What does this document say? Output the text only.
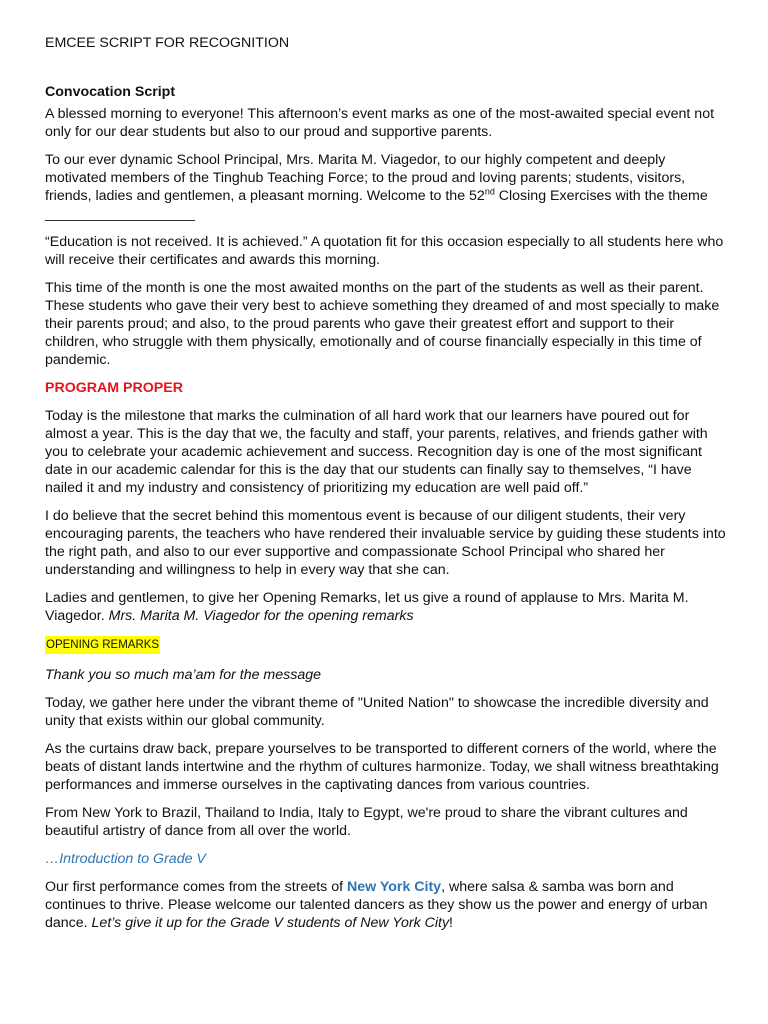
EMCEE SCRIPT FOR RECOGNITION
Convocation Script

A blessed morning to everyone! This afternoon’s event marks as one of the most-awaited special event not only for our dear students but also to our proud and supportive parents.

To our ever dynamic School Principal, Mrs. Marita M. Viagedor, to our highly competent and deeply motivated members of the Tinghub Teaching Force; to the proud and loving parents; students, visitors, friends, ladies and gentlemen, a pleasant morning. Welcome to the 52nd Closing Exercises with the theme ___________________

“Education is not received. It is achieved.” A quotation fit for this occasion especially to all students here who will receive their certificates and awards this morning.

This time of the month is one the most awaited months on the part of the students as well as their parent. These students who gave their very best to achieve something they dreamed of and most specially to make their parents proud; and also, to the proud parents who gave their greatest effort and support to their children, who struggle with them physically, emotionally and of course financially especially in this time of pandemic.

PROGRAM PROPER

Today is the milestone that marks the culmination of all hard work that our learners have poured out for almost a year. This is the day that we, the faculty and staff, your parents, relatives, and friends gather with you to celebrate your academic achievement and success. Recognition day is one of the most significant date in our academic calendar for this is the day that our students can finally say to themselves, “I have nailed it and my industry and consistency of prioritizing my education are well paid off.”

I do believe that the secret behind this momentous event is because of our diligent students, their very encouraging parents, the teachers who have rendered their invaluable service by guiding these students into the right path, and also to our ever supportive and compassionate School Principal who shared her understanding and willingness to help in every way that she can.

Ladies and gentlemen, to give her Opening Remarks, let us give a round of applause to Mrs. Marita M. Viagedor. Mrs. Marita M. Viagedor for the opening remarks

OPENING REMARKS

Thank you so much ma’am for the message

Today, we gather here under the vibrant theme of "United Nation" to showcase the incredible diversity and unity that exists within our global community.

As the curtains draw back, prepare yourselves to be transported to different corners of the world, where the beats of distant lands intertwine and the rhythm of cultures harmonize. Today, we shall witness breathtaking performances and immerse ourselves in the captivating dances from various countries.

From New York to Brazil, Thailand to India, Italy to Egypt, we're proud to share the vibrant cultures and beautiful artistry of dance from all over the world.

…Introduction to Grade V

Our first performance comes from the streets of New York City, where salsa & samba was born and continues to thrive. Please welcome our talented dancers as they show us the power and energy of urban dance. Let’s give it up for the Grade V students of New York City!
